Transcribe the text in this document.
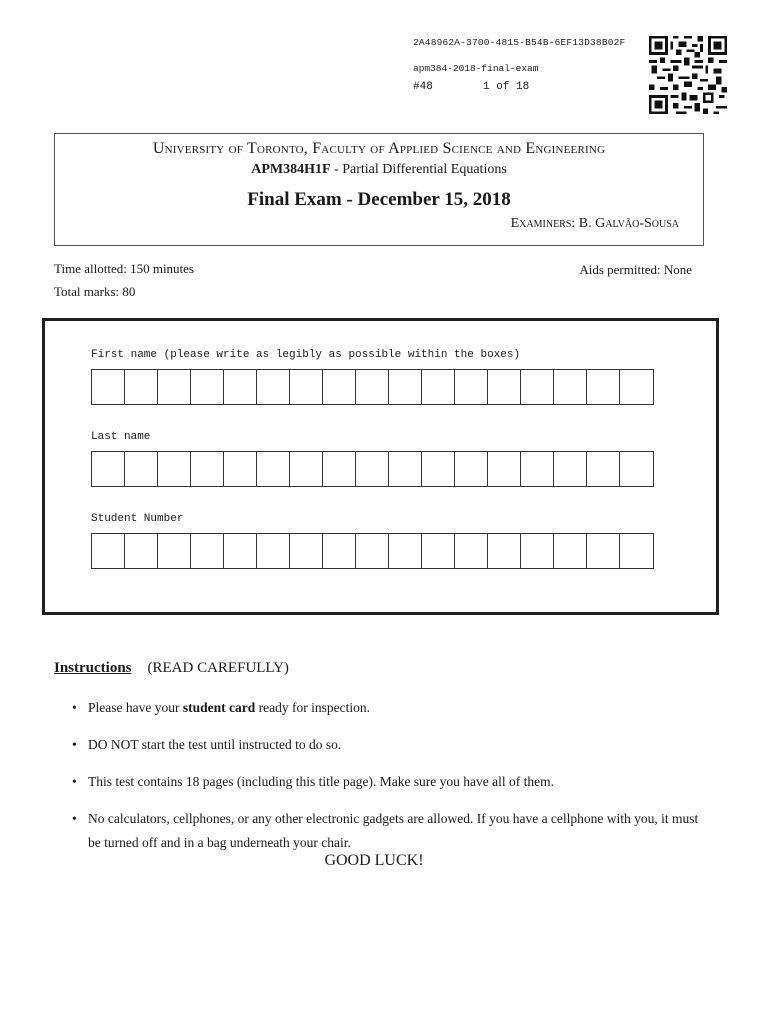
2A48962A-3700-4815-B54B-6EF13D38B02F
apm384-2018-final-exam
#48	1 of 18
University of Toronto, Faculty of Applied Science and Engineering
APM384H1F - Partial Differential Equations
Final Exam - December 15, 2018
Examiners: B. Galvão-Sousa
Time allotted: 150 minutes
Total marks: 80
Aids permitted: None
First name (please write as legibly as possible within the boxes)
Last name
Student Number
Instructions (READ CAREFULLY)
• Please have your student card ready for inspection.
• DO NOT start the test until instructed to do so.
• This test contains 18 pages (including this title page). Make sure you have all of them.
• No calculators, cellphones, or any other electronic gadgets are allowed. If you have a cellphone with you, it must be turned off and in a bag underneath your chair.
GOOD LUCK!
